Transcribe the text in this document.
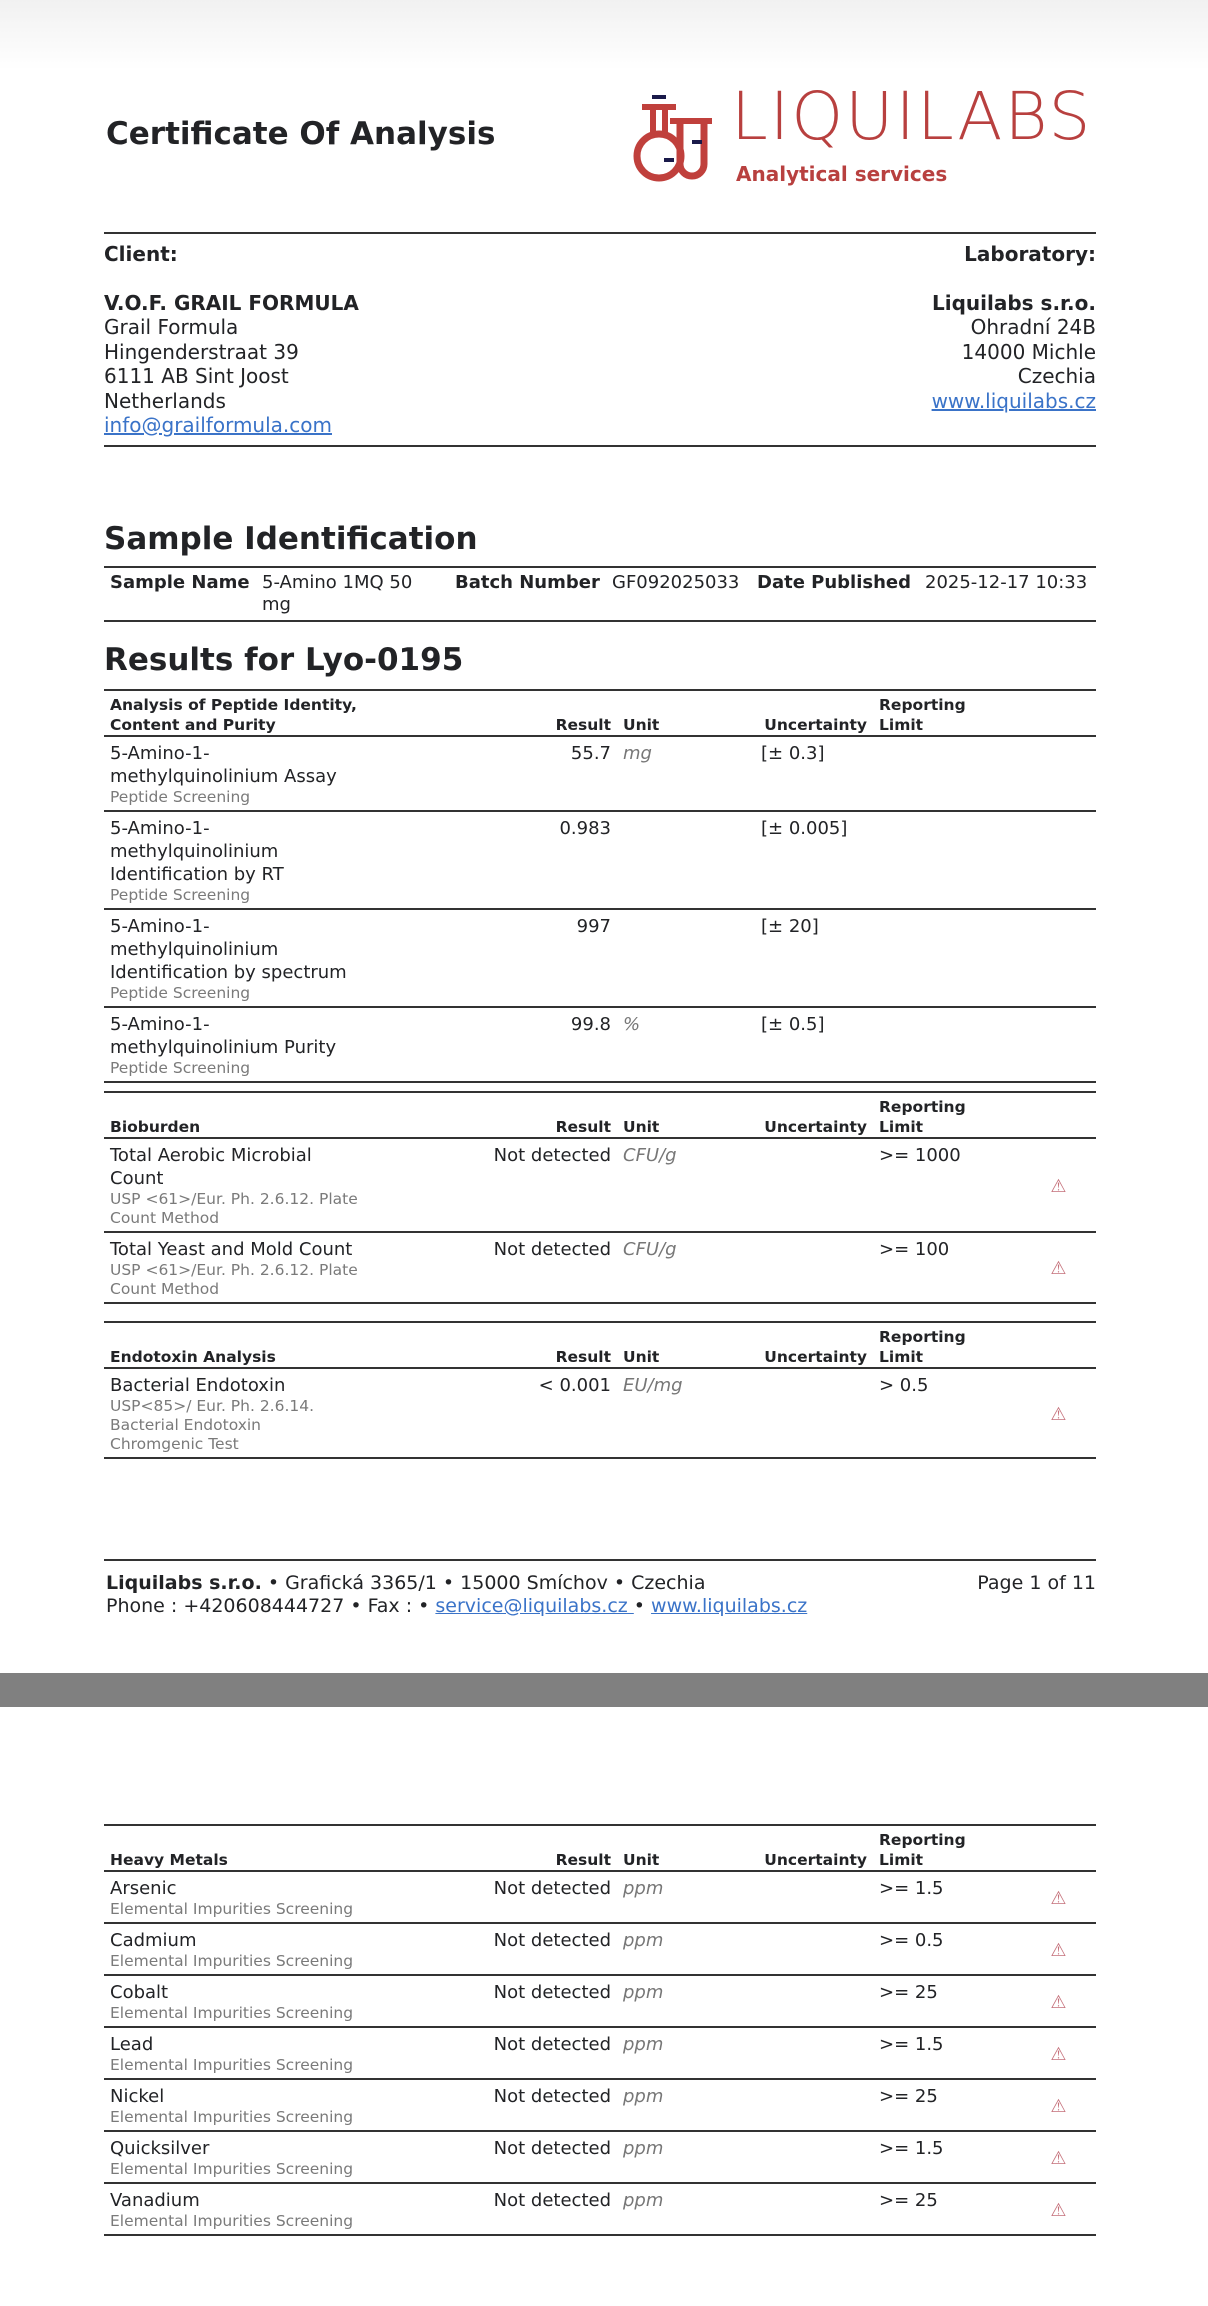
Certificate Of Analysis	LIQUILABS
Analytical services
Client:
V.O.F. GRAIL FORMULA
Grail Formula
Hingenderstraat 39
6111 AB Sint Joost
Netherlands
info@grailformula.com
Laboratory:
Liquilabs s.r.o.
Ohradní 24B
14000 Michle
Czechia
www.liquilabs.cz
Sample Identification
Sample Name	5-Amino 1MQ 50 mg	Batch Number	GF092025033	Date Published	2025-12-17 10:33
Results for Lyo-0195
Analysis of Peptide Identity, Content and Purity	Result	Unit	Uncertainty	Reporting Limit	
5-Amino-1-methylquinolinium Assay
Peptide Screening	55.7	mg	[± 0.3]		
5-Amino-1-methylquinolinium Identification by RT
Peptide Screening	0.983		[± 0.005]		
5-Amino-1-methylquinolinium Identification by spectrum
Peptide Screening	997		[± 20]		
5-Amino-1-methylquinolinium Purity
Peptide Screening	99.8	%	[± 0.5]		
Bioburden	Result	Unit	Uncertainty	Reporting Limit	
Total Aerobic Microbial Count
USP <61>/Eur. Ph. 2.6.12. Plate Count Method	Not detected	CFU/g		>= 1000	⚠
Total Yeast and Mold Count
USP <61>/Eur. Ph. 2.6.12. Plate Count Method	Not detected	CFU/g		>= 100	⚠
Endotoxin Analysis	Result	Unit	Uncertainty	Reporting Limit	
Bacterial Endotoxin
USP<85>/ Eur. Ph. 2.6.14. Bacterial Endotoxin Chromgenic Test	< 0.001	EU/mg		> 0.5	⚠
Heavy Metals	Result	Unit	Uncertainty	Reporting Limit	
Arsenic
Elemental Impurities Screening	Not detected	ppm		>= 1.5	⚠
Cadmium
Elemental Impurities Screening	Not detected	ppm		>= 0.5	⚠
Cobalt
Elemental Impurities Screening	Not detected	ppm		>= 25	⚠
Lead
Elemental Impurities Screening	Not detected	ppm		>= 1.5	⚠
Nickel
Elemental Impurities Screening	Not detected	ppm		>= 25	⚠
Quicksilver
Elemental Impurities Screening	Not detected	ppm		>= 1.5	⚠
Vanadium
Elemental Impurities Screening	Not detected	ppm		>= 25	⚠
Liquilabs s.r.o. • Grafická 3365/1 • 15000 Smíchov • Czechia
Phone : +420608444727 • Fax : • service@liquilabs.cz • www.liquilabs.cz
Page 1 of 11
